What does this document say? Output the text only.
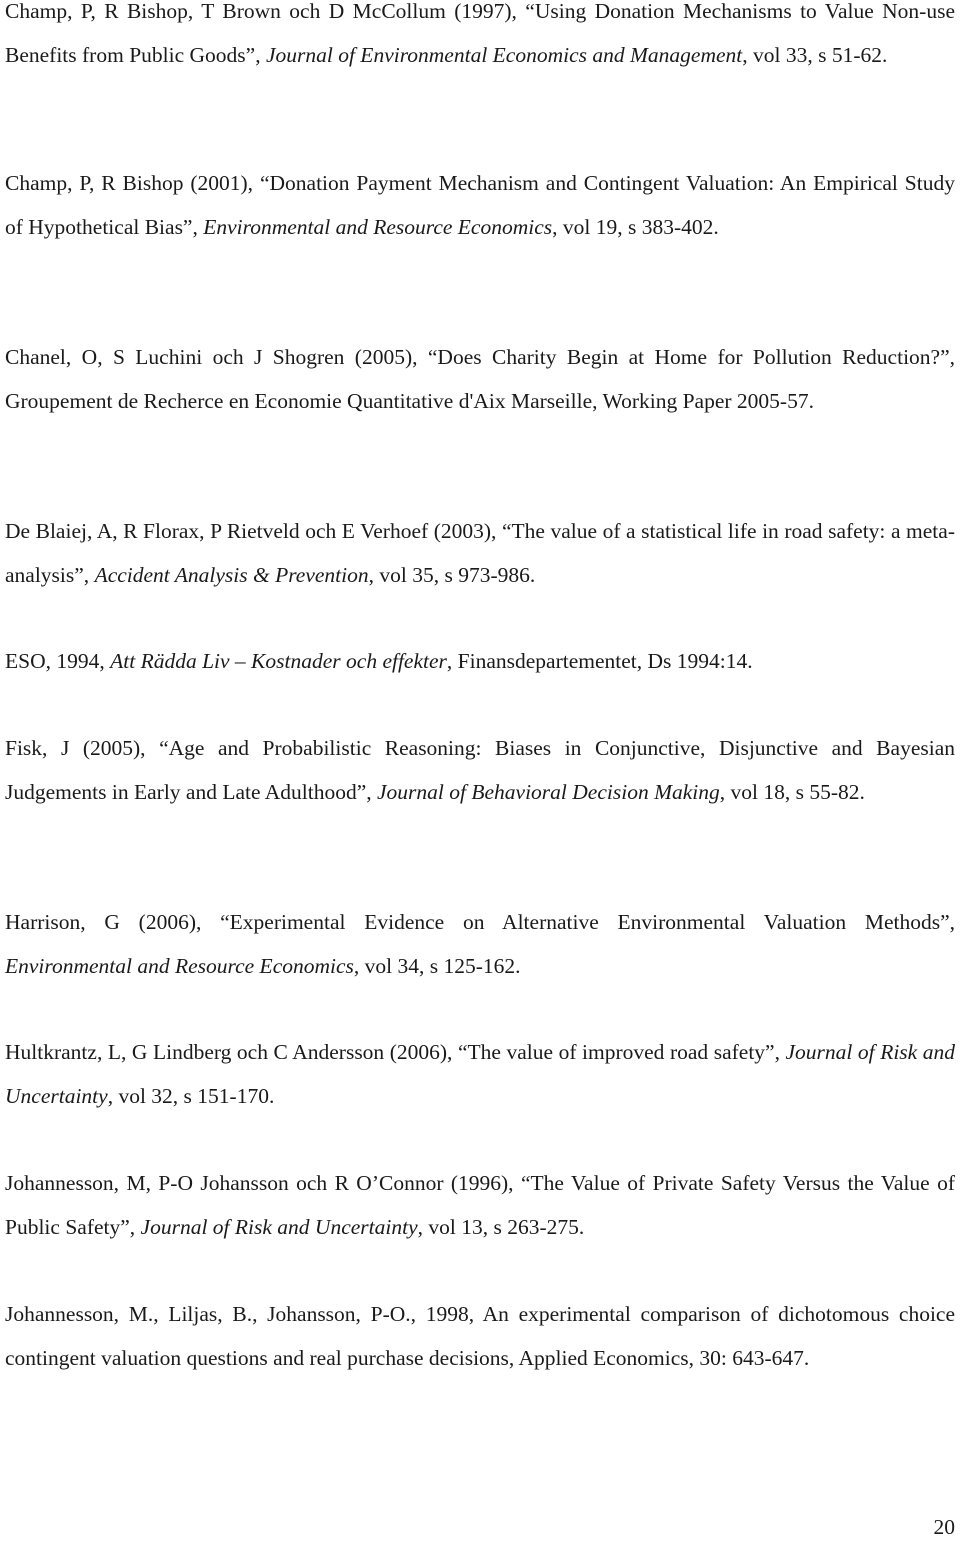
Champ, P, R Bishop, T Brown och D McCollum (1997), “Using Donation Mechanisms to Value Non-use Benefits from Public Goods”, Journal of Environmental Economics and Management, vol 33, s 51-62.

Champ, P, R Bishop (2001), “Donation Payment Mechanism and Contingent Valuation: An Empirical Study of Hypothetical Bias”, Environmental and Resource Economics, vol 19, s 383-402.

Chanel, O, S Luchini och J Shogren (2005), “Does Charity Begin at Home for Pollution Reduction?”, Groupement de Recherce en Economie Quantitative d'Aix Marseille, Working Paper 2005-57.

De Blaiej, A, R Florax, P Rietveld och E Verhoef (2003), “The value of a statistical life in road safety: a meta-analysis”, Accident Analysis & Prevention, vol 35, s 973-986.

ESO, 1994, Att Rädda Liv – Kostnader och effekter, Finansdepartementet, Ds 1994:14.

Fisk, J (2005), “Age and Probabilistic Reasoning: Biases in Conjunctive, Disjunctive and Bayesian Judgements in Early and Late Adulthood”, Journal of Behavioral Decision Making, vol 18, s 55-82.

Harrison, G (2006), “Experimental Evidence on Alternative Environmental Valuation Methods”, Environmental and Resource Economics, vol 34, s 125-162.

Hultkrantz, L, G Lindberg och C Andersson (2006), “The value of improved road safety”, Journal of Risk and Uncertainty, vol 32, s 151-170.

Johannesson, M, P-O Johansson och R O’Connor (1996), “The Value of Private Safety Versus the Value of Public Safety”, Journal of Risk and Uncertainty, vol 13, s 263-275.

Johannesson, M., Liljas, B., Johansson, P-O., 1998, An experimental comparison of dichotomous choice contingent valuation questions and real purchase decisions, Applied Economics, 30: 643-647.

20
